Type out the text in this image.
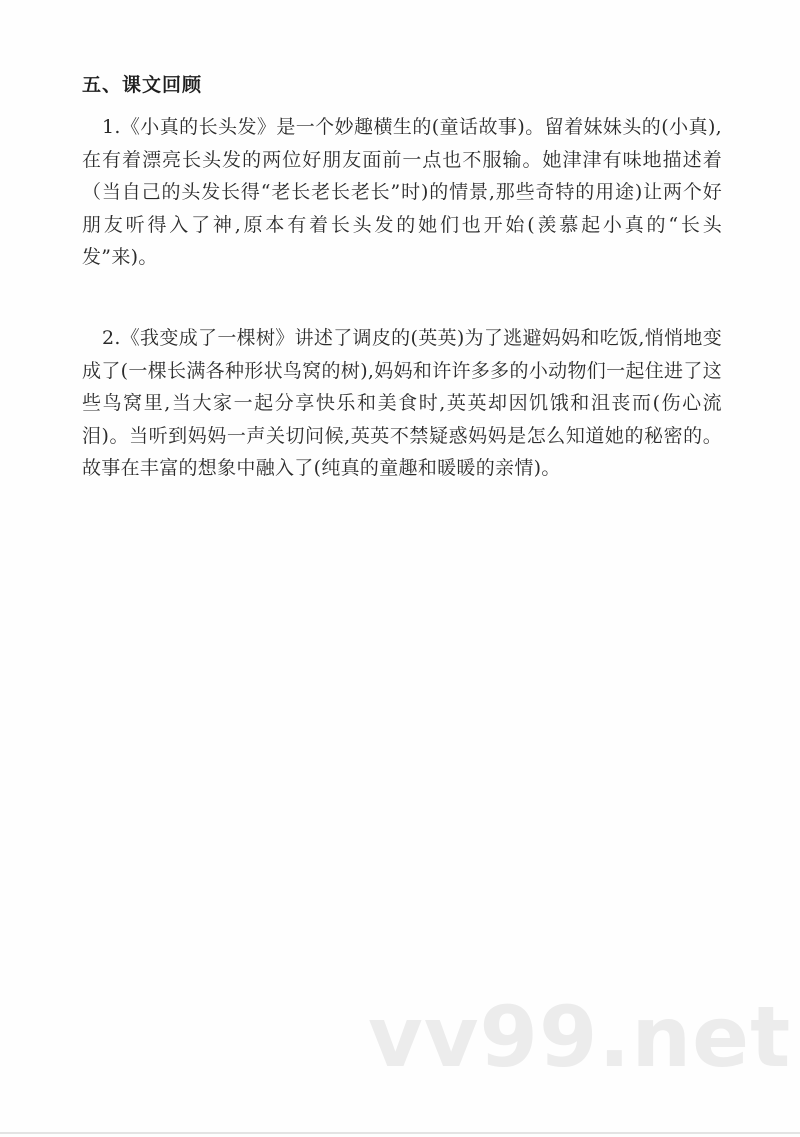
五、课文回顾

1.《小真的长头发》是一个妙趣横生的(童话故事)。留着妹妹头的(小真),在有着漂亮长头发的两位好朋友面前一点也不服输。她津津有味地描述着（当自己的头发长得“老长老长老长”时)的情景,那些奇特的用途)让两个好朋友听得入了神,原本有着长头发的她们也开始(羡慕起小真的“长头发”来)。

2.《我变成了一棵树》讲述了调皮的(英英)为了逃避妈妈和吃饭,悄悄地变成了(一棵长满各种形状鸟窝的树),妈妈和许许多多的小动物们一起住进了这些鸟窝里,当大家一起分享快乐和美食时,英英却因饥饿和沮丧而(伤心流泪)。当听到妈妈一声关切问候,英英不禁疑惑妈妈是怎么知道她的秘密的。故事在丰富的想象中融入了(纯真的童趣和暖暖的亲情)。

vv99.net
